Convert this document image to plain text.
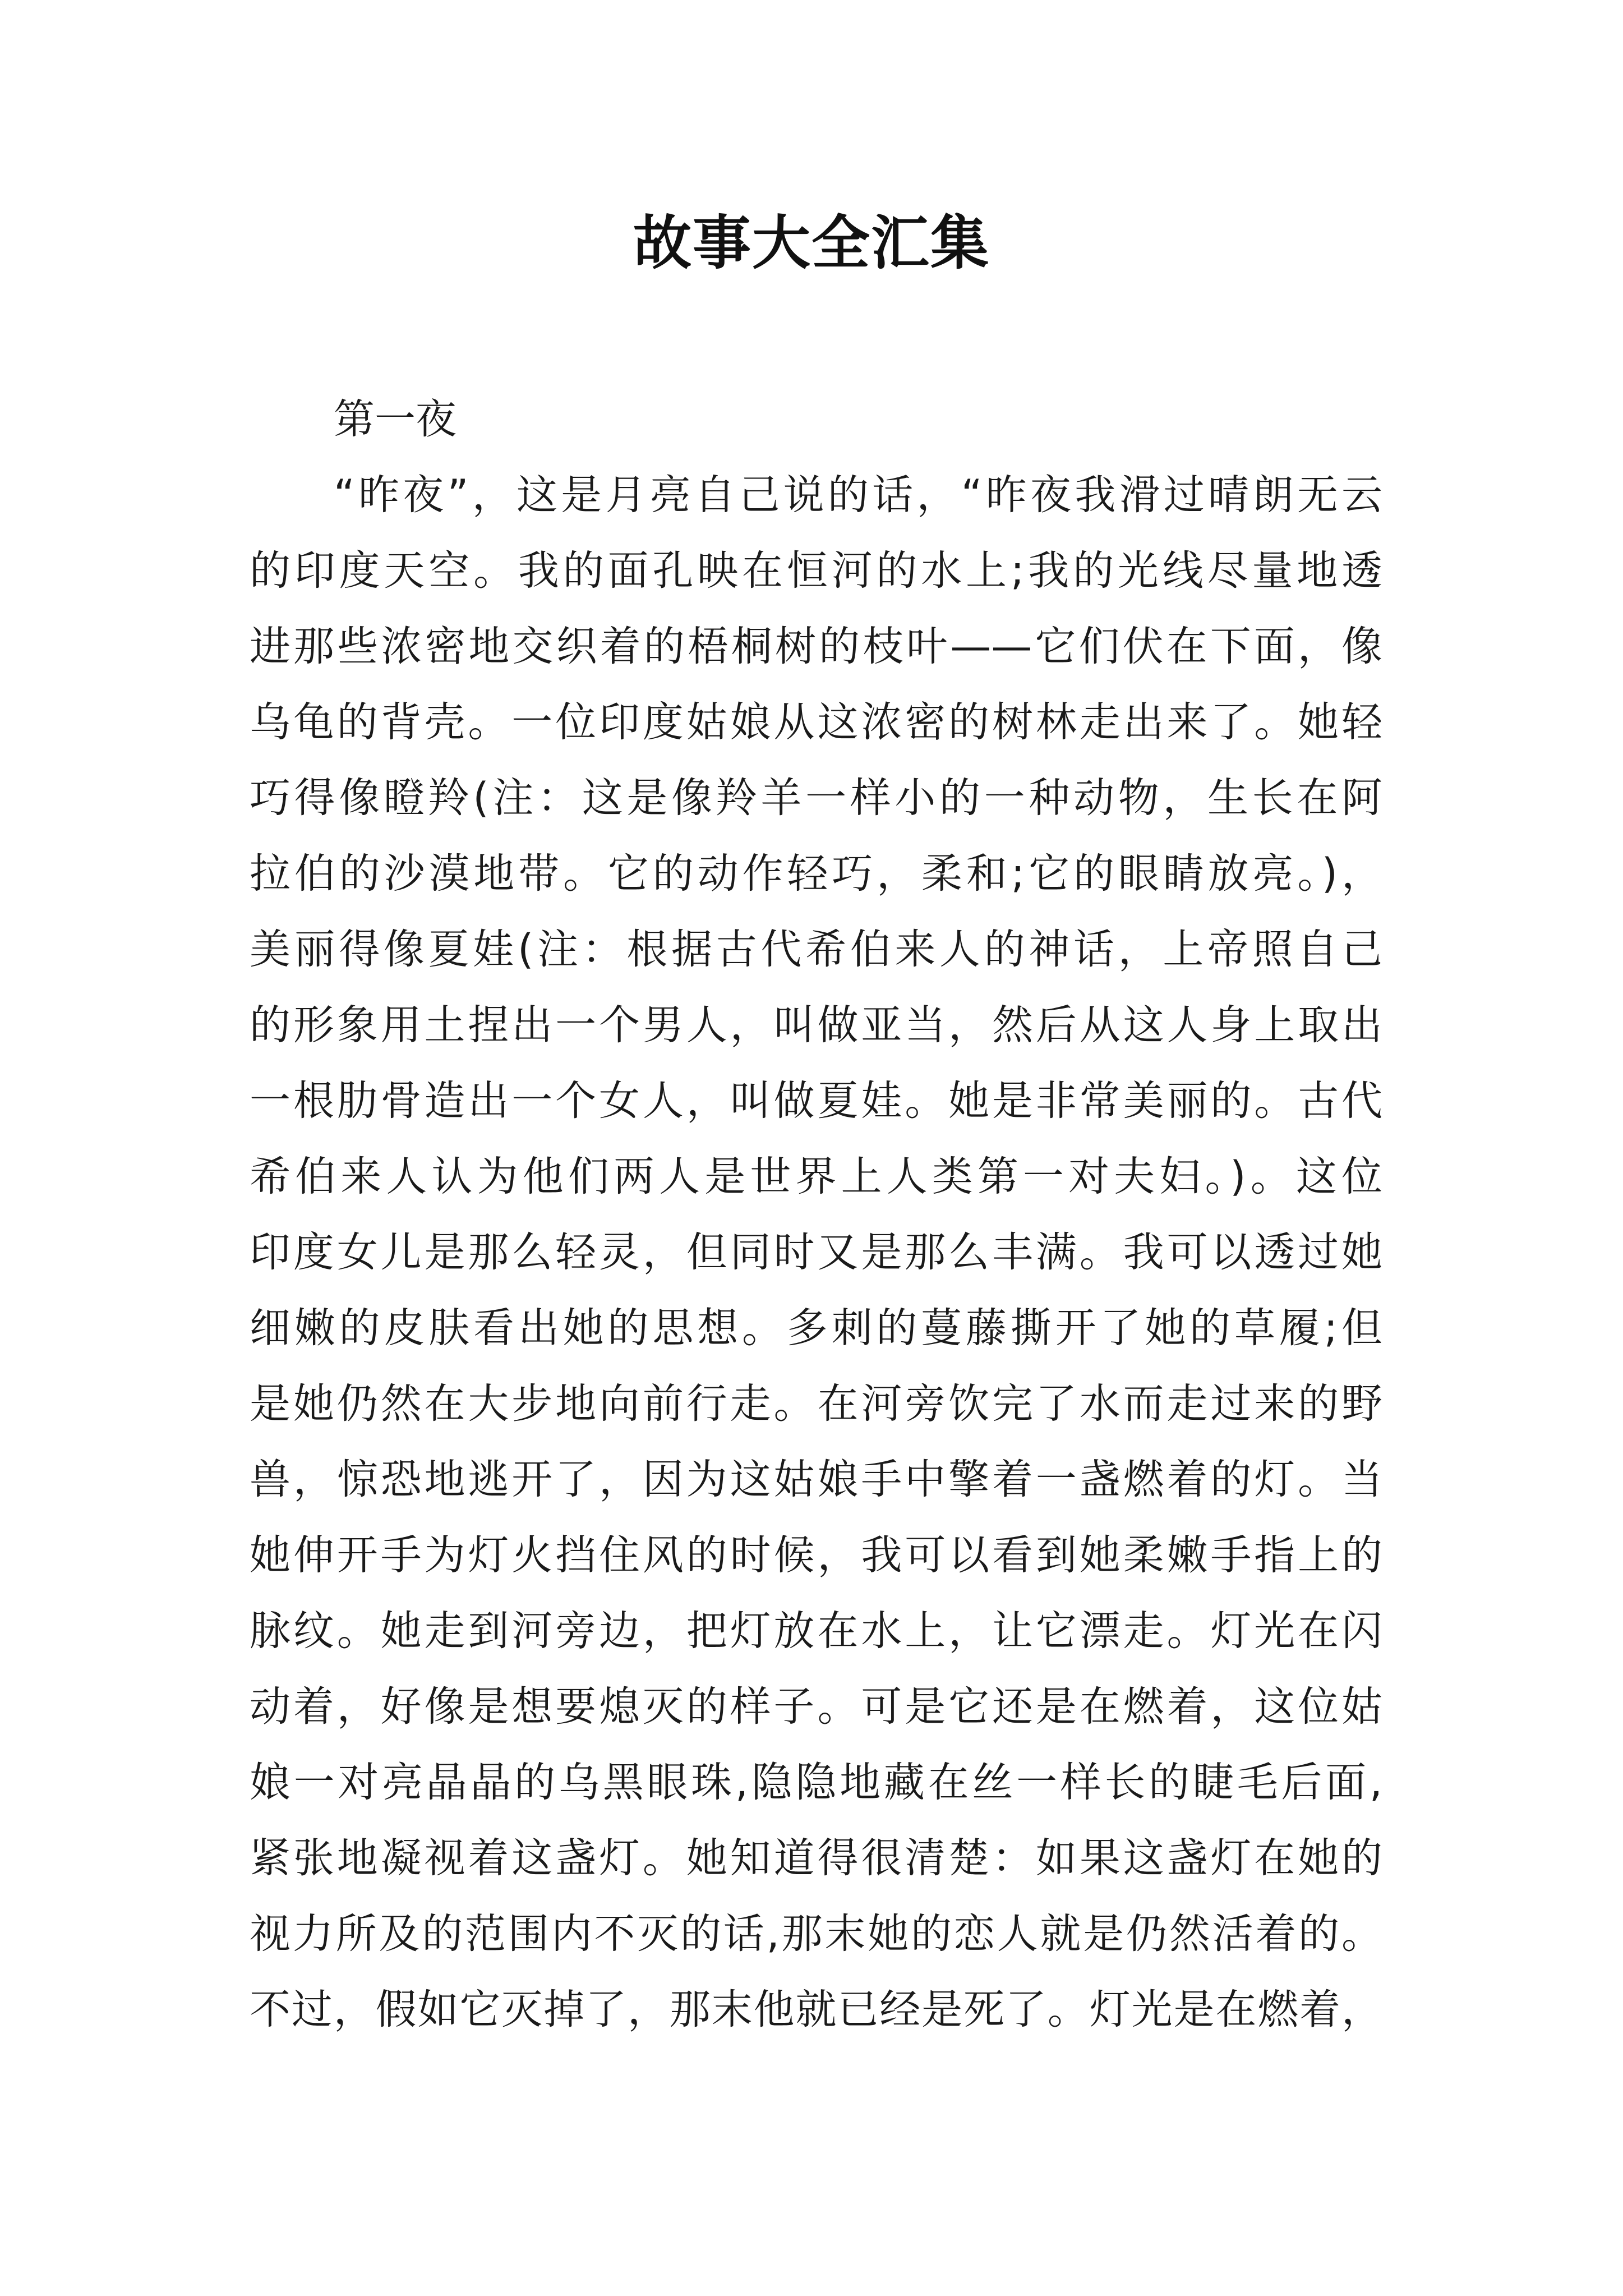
故事大全汇集
第一夜
“昨夜”，这是月亮自己说的话，“昨夜我滑过晴朗无云
的印度天空。我的面孔映在恒河的水上;我的光线尽量地透
进那些浓密地交织着的梧桐树的枝叶——它们伏在下面，像
乌龟的背壳。一位印度姑娘从这浓密的树林走出来了。她轻
巧得像瞪羚(注：这是像羚羊一样小的一种动物，生长在阿
拉伯的沙漠地带。它的动作轻巧，柔和;它的眼睛放亮。)，
美丽得像夏娃(注：根据古代希伯来人的神话，上帝照自己
的形象用土捏出一个男人，叫做亚当，然后从这人身上取出
一根肋骨造出一个女人，叫做夏娃。她是非常美丽的。古代
希伯来人认为他们两人是世界上人类第一对夫妇。)。这位
印度女儿是那么轻灵，但同时又是那么丰满。我可以透过她
细嫩的皮肤看出她的思想。多刺的蔓藤撕开了她的草履;但
是她仍然在大步地向前行走。在河旁饮完了水而走过来的野
兽，惊恐地逃开了，因为这姑娘手中擎着一盏燃着的灯。当
她伸开手为灯火挡住风的时候，我可以看到她柔嫩手指上的
脉纹。她走到河旁边，把灯放在水上，让它漂走。灯光在闪
动着，好像是想要熄灭的样子。可是它还是在燃着，这位姑
娘一对亮晶晶的乌黑眼珠,隐隐地藏在丝一样长的睫毛后面,
紧张地凝视着这盏灯。她知道得很清楚：如果这盏灯在她的
视力所及的范围内不灭的话,那末她的恋人就是仍然活着的。
不过，假如它灭掉了，那末他就已经是死了。灯光是在燃着，
